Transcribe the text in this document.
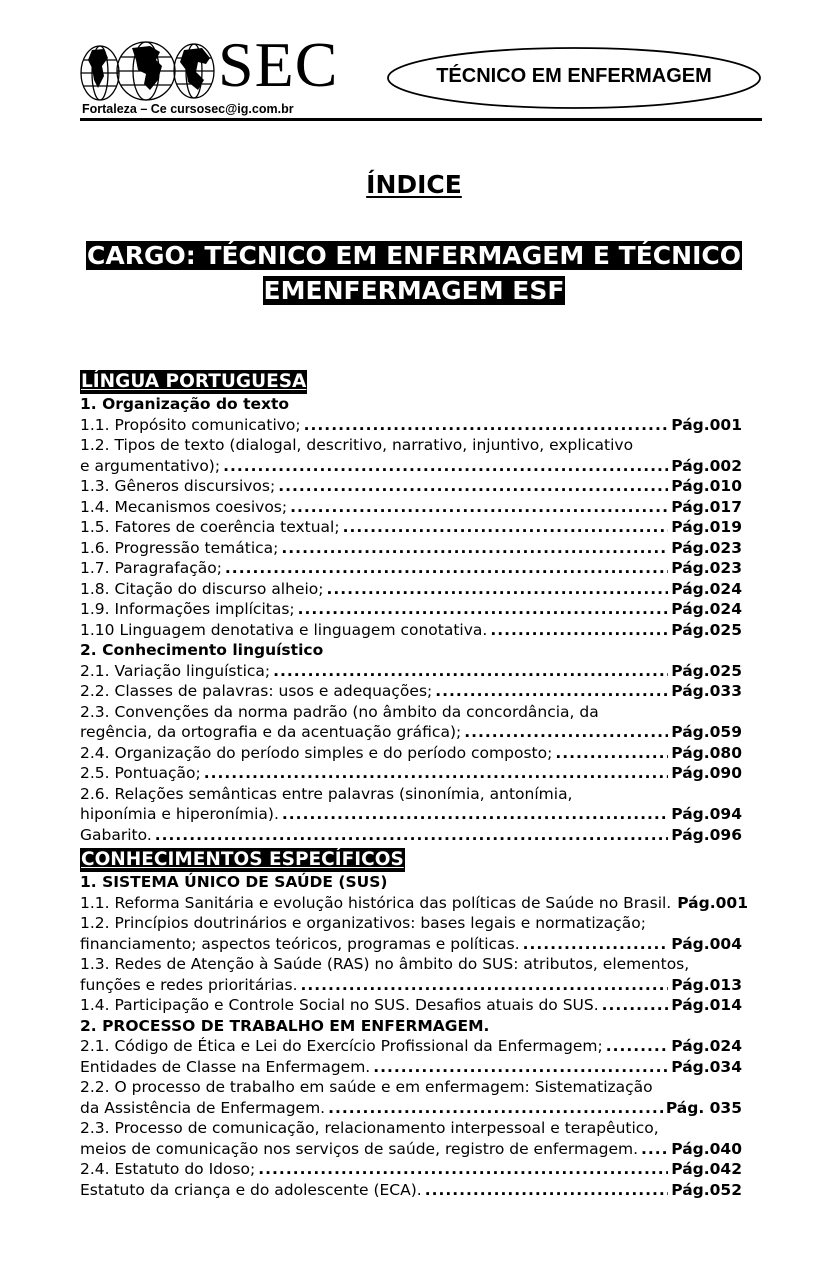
SEC
Fortaleza – Ce cursosec@ig.com.br
TÉCNICO EM ENFERMAGEM
ÍNDICE
CARGO: TÉCNICO EM ENFERMAGEM E TÉCNICO
EMENFERMAGEM ESF
LÍNGUA PORTUGUESA
1. Organização do texto
1.1. Propósito comunicativo; .....	Pág.001
1.2. Tipos de texto (dialogal, descritivo, narrativo, injuntivo, explicativo
e argumentativo); .....	Pág.002
1.3. Gêneros discursivos; .....	Pág.010
1.4. Mecanismos coesivos; .....	Pág.017
1.5. Fatores de coerência textual; .....	Pág.019
1.6. Progressão temática; .....	Pág.023
1.7. Paragrafação; .....	Pág.023
1.8. Citação do discurso alheio; .....	Pág.024
1.9. Informações implícitas; .....	Pág.024
1.10 Linguagem denotativa e linguagem conotativa. .....	Pág.025
2. Conhecimento linguístico
2.1. Variação linguística; .....	Pág.025
2.2. Classes de palavras: usos e adequações; .....	Pág.033
2.3. Convenções da norma padrão (no âmbito da concordância, da
regência, da ortografia e da acentuação gráfica); .....	Pág.059
2.4. Organização do período simples e do período composto; .....	Pág.080
2.5. Pontuação; .....	Pág.090
2.6. Relações semânticas entre palavras (sinonímia, antonímia,
hiponímia e hiperonímia). .....	Pág.094
Gabarito. .....	Pág.096
CONHECIMENTOS ESPECÍFICOS
1. SISTEMA ÚNICO DE SAÚDE (SUS)
1.1. Reforma Sanitária e evolução histórica das políticas de Saúde no Brasil. Pág.001
1.2. Princípios doutrinários e organizativos: bases legais e normatização;
financiamento; aspectos teóricos, programas e políticas. .....	Pág.004
1.3. Redes de Atenção à Saúde (RAS) no âmbito do SUS: atributos, elementos,
funções e redes prioritárias. .....	Pág.013
1.4. Participação e Controle Social no SUS. Desafios atuais do SUS. .....	Pág.014
2. PROCESSO DE TRABALHO EM ENFERMAGEM.
2.1. Código de Ética e Lei do Exercício Profissional da Enfermagem; .....	Pág.024
Entidades de Classe na Enfermagem. .....	Pág.034
2.2. O processo de trabalho em saúde e em enfermagem: Sistematização
da Assistência de Enfermagem. .....	Pág. 035
2.3. Processo de comunicação, relacionamento interpessoal e terapêutico,
meios de comunicação nos serviços de saúde, registro de enfermagem. ..... Pág.040
2.4. Estatuto do Idoso; .....	Pág.042
Estatuto da criança e do adolescente (ECA). .....	Pág.052
